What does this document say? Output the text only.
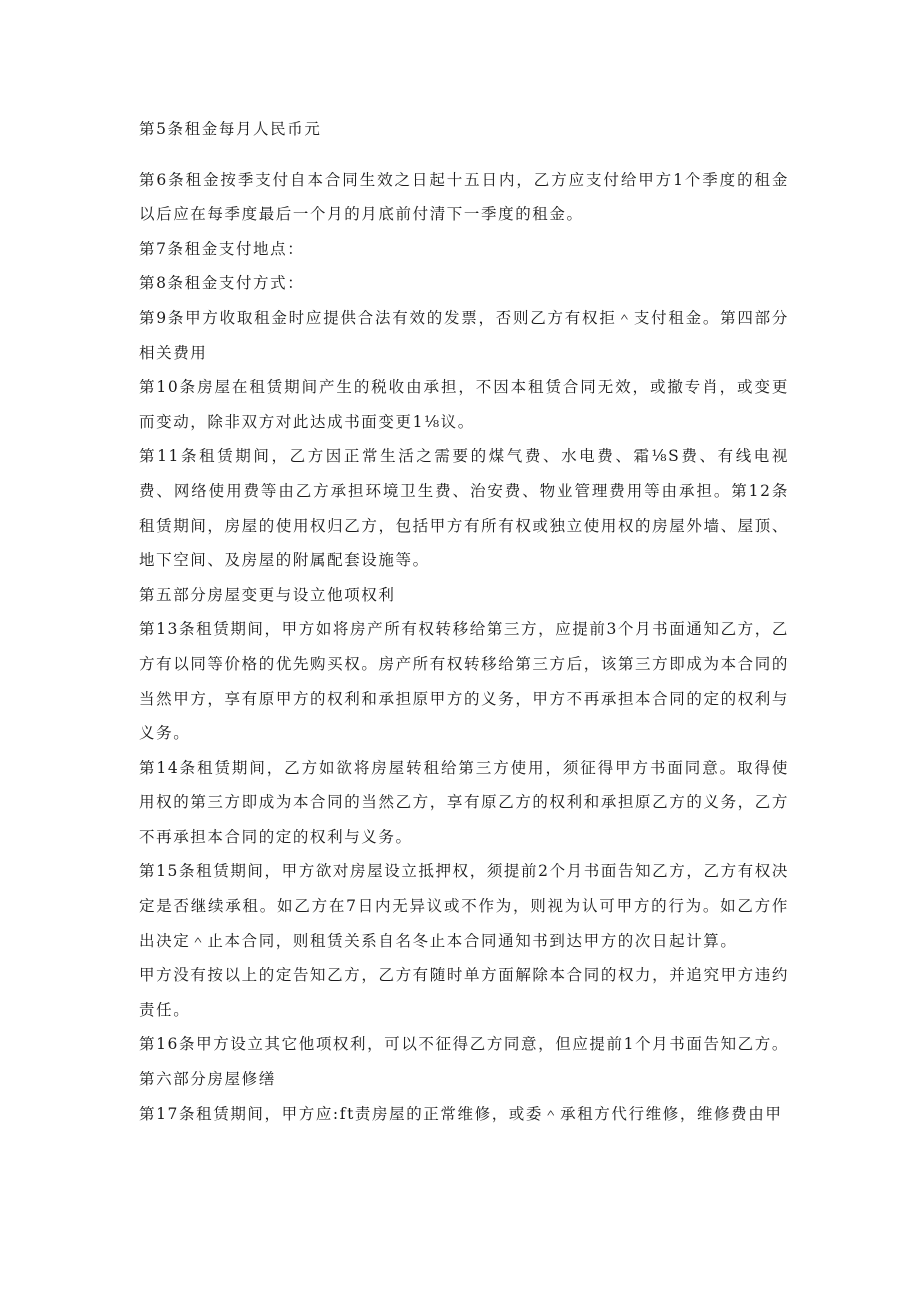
第5条租金每月人民币元

第6条租金按季支付自本合同生效之日起十五日内，乙方应支付给甲方1个季度的租金以后应在每季度最后一个月的月底前付清下一季度的租金。

第7条租金支付地点：

第8条租金支付方式：

第9条甲方收取租金时应提供合法有效的发票，否则乙方有权拒＾支付租金。第四部分相关费用

第10条房屋在租赁期间产生的税收由承担，不因本租赁合同无效，或撤专肖，或变更而变动，除非双方对此达成书面变更1⅛议。

第11条租赁期间，乙方因正常生活之需要的煤气费、水电费、霜⅛S费、有线电视费、网络使用费等由乙方承担环境卫生费、治安费、物业管理费用等由承担。第12条租赁期间，房屋的使用权归乙方，包括甲方有所有权或独立使用权的房屋外墙、屋顶、地下空间、及房屋的附属配套设施等。

第五部分房屋变更与设立他项权利

第13条租赁期间，甲方如将房产所有权转移给第三方，应提前3个月书面通知乙方，乙方有以同等价格的优先购买权。房产所有权转移给第三方后，该第三方即成为本合同的当然甲方，享有原甲方的权利和承担原甲方的义务，甲方不再承担本合同的定的权利与义务。

第14条租赁期间，乙方如欲将房屋转租给第三方使用，须征得甲方书面同意。取得使用权的第三方即成为本合同的当然乙方，享有原乙方的权利和承担原乙方的义务，乙方不再承担本合同的定的权利与义务。

第15条租赁期间，甲方欲对房屋设立抵押权，须提前2个月书面告知乙方，乙方有权决定是否继续承租。如乙方在7日内无异议或不作为，则视为认可甲方的行为。如乙方作出决定＾止本合同，则租赁关系自名冬止本合同通知书到达甲方的次日起计算。

甲方没有按以上的定告知乙方，乙方有随时单方面解除本合同的权力，并追究甲方违约责任。

第16条甲方设立其它他项权利，可以不征得乙方同意，但应提前1个月书面告知乙方。

第六部分房屋修缮

第17条租赁期间，甲方应:ft责房屋的正常维修，或委＾承租方代行维修，维修费由甲
